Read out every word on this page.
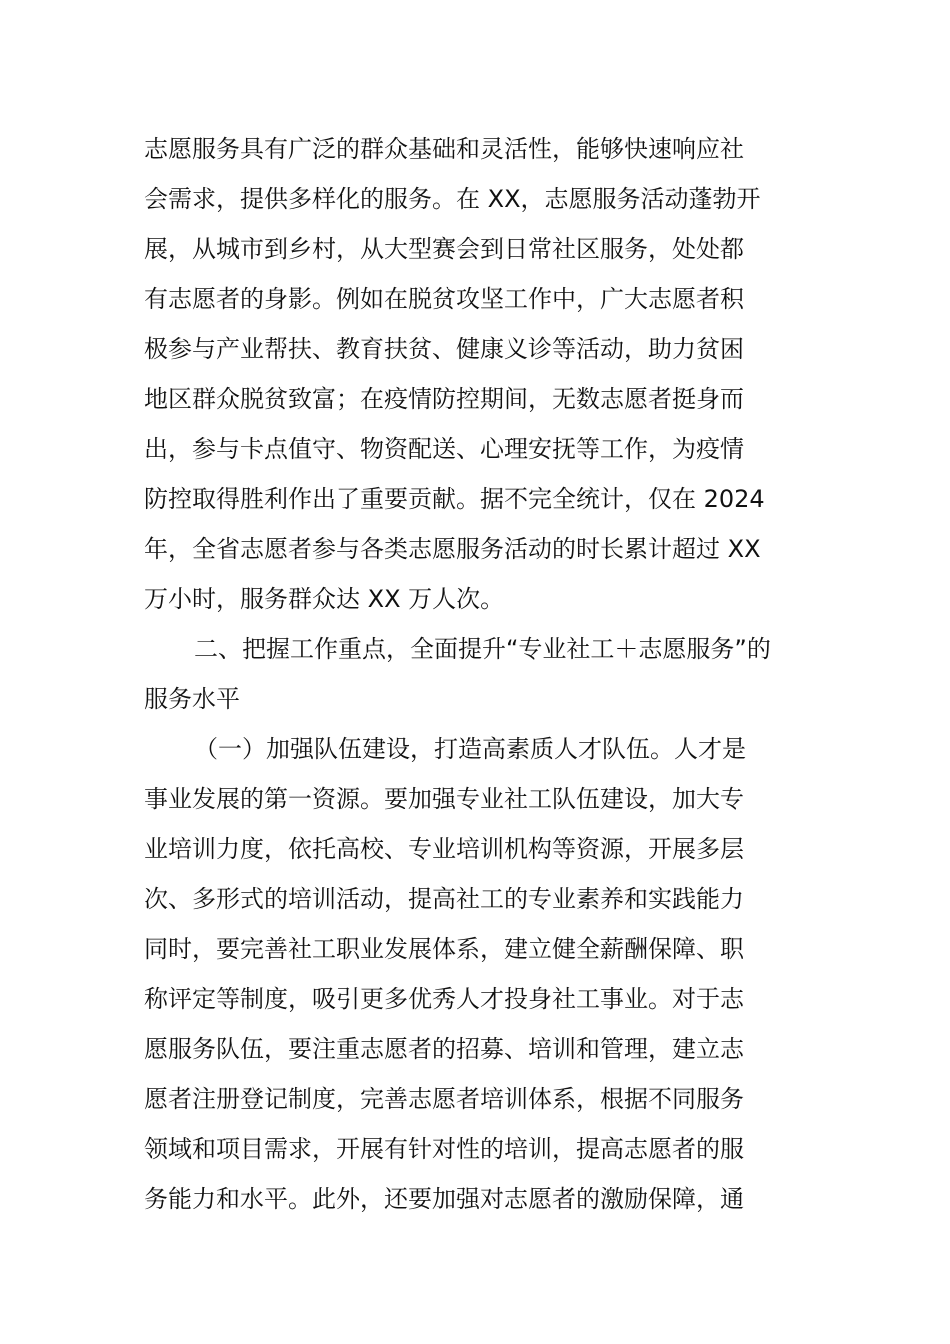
志愿服务具有广泛的群众基础和灵活性，能够快速响应社
会需求，提供多样化的服务。在 XX，志愿服务活动蓬勃开
展，从城市到乡村，从大型赛会到日常社区服务，处处都
有志愿者的身影。例如在脱贫攻坚工作中，广大志愿者积
极参与产业帮扶、教育扶贫、健康义诊等活动，助力贫困
地区群众脱贫致富；在疫情防控期间，无数志愿者挺身而
出，参与卡点值守、物资配送、心理安抚等工作，为疫情
防控取得胜利作出了重要贡献。据不完全统计，仅在 2024
年，全省志愿者参与各类志愿服务活动的时长累计超过 XX
万小时，服务群众达 XX 万人次。
二、把握工作重点，全面提升“专业社工＋志愿服务”的
服务水平
（一）加强队伍建设，打造高素质人才队伍。人才是
事业发展的第一资源。要加强专业社工队伍建设，加大专
业培训力度，依托高校、专业培训机构等资源，开展多层
次、多形式的培训活动，提高社工的专业素养和实践能力
同时，要完善社工职业发展体系，建立健全薪酬保障、职
称评定等制度，吸引更多优秀人才投身社工事业。对于志
愿服务队伍，要注重志愿者的招募、培训和管理，建立志
愿者注册登记制度，完善志愿者培训体系，根据不同服务
领域和项目需求，开展有针对性的培训，提高志愿者的服
务能力和水平。此外，还要加强对志愿者的激励保障，通
